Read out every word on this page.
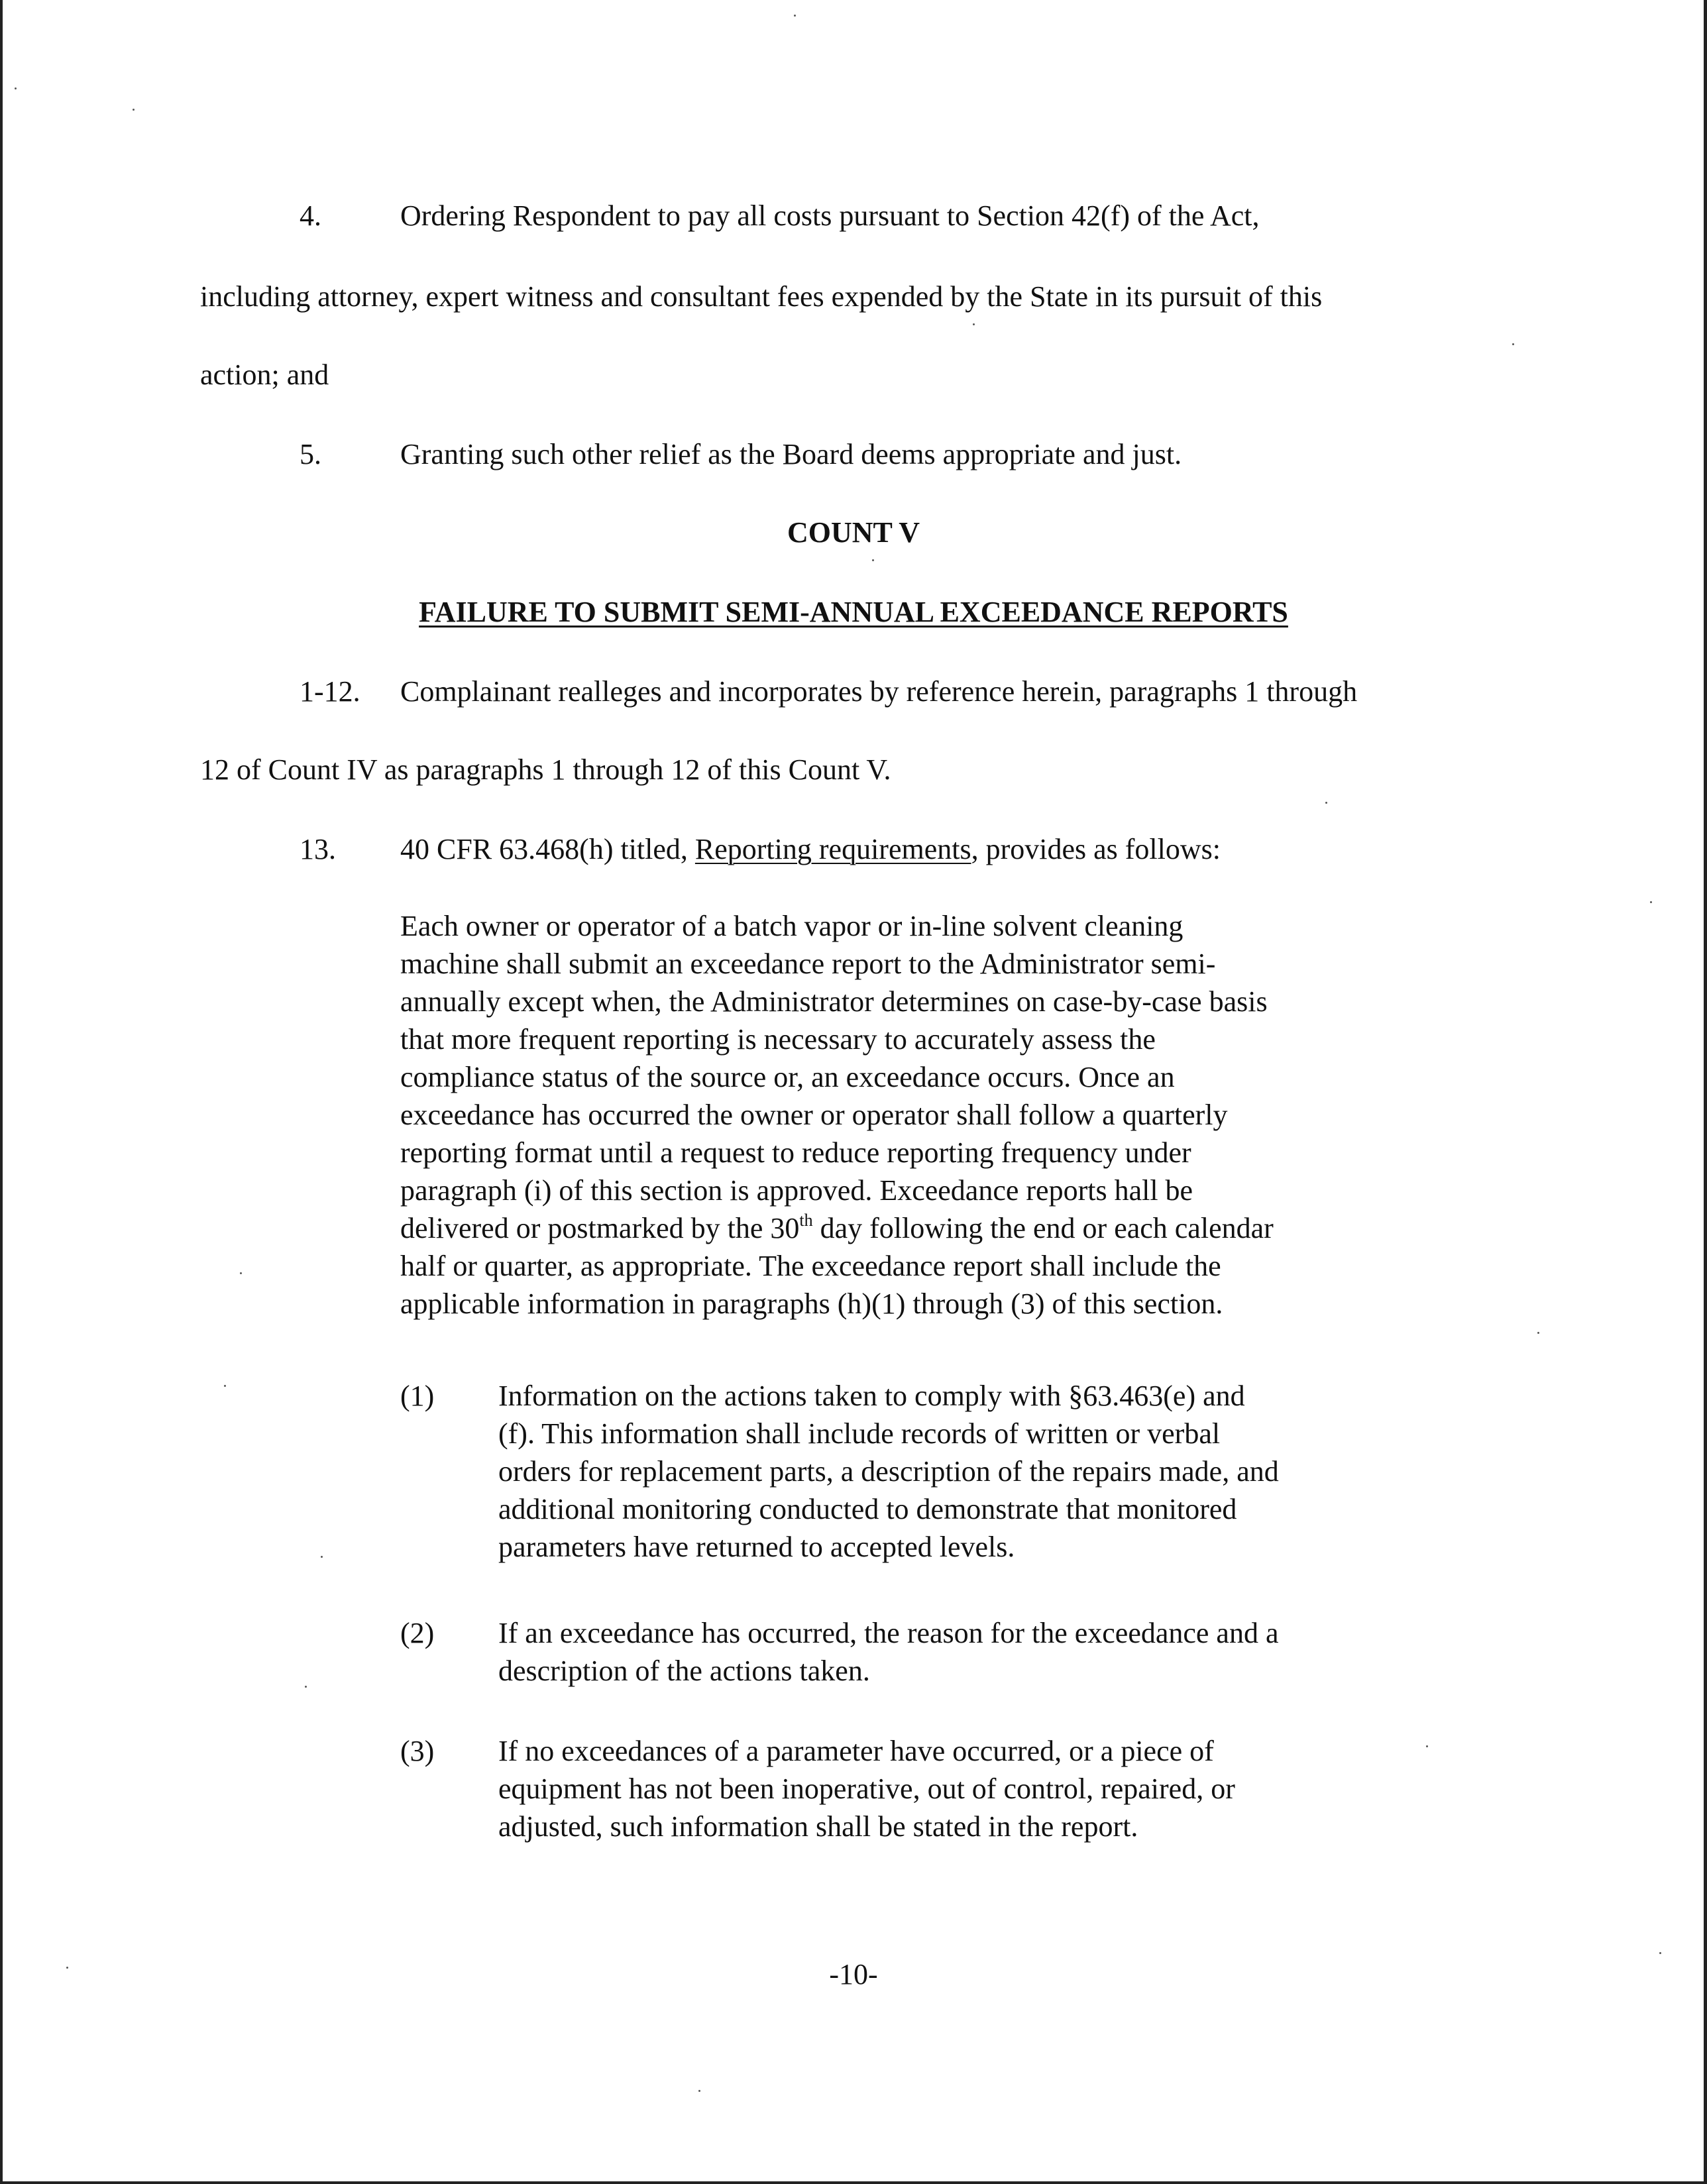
4.	Ordering Respondent to pay all costs pursuant to Section 42(f) of the Act,
including attorney, expert witness and consultant fees expended by the State in its pursuit of this
action; and
5.	Granting such other relief as the Board deems appropriate and just.
COUNT V
FAILURE TO SUBMIT SEMI-ANNUAL EXCEEDANCE REPORTS
1-12. Complainant realleges and incorporates by reference herein, paragraphs 1 through
12 of Count IV as paragraphs 1 through 12 of this Count V.
13. 40 CFR 63.468(h) titled, Reporting requirements, provides as follows:
Each owner or operator of a batch vapor or in-line solvent cleaning
machine shall submit an exceedance report to the Administrator semi-
annually except when, the Administrator determines on case-by-case basis
that more frequent reporting is necessary to accurately assess the
compliance status of the source or, an exceedance occurs. Once an
exceedance has occurred the owner or operator shall follow a quarterly
reporting format until a request to reduce reporting frequency under
paragraph (i) of this section is approved. Exceedance reports hall be
delivered or postmarked by the 30th day following the end or each calendar
half or quarter, as appropriate. The exceedance report shall include the
applicable information in paragraphs (h)(1) through (3) of this section.
(1) Information on the actions taken to comply with §63.463(e) and
(f). This information shall include records of written or verbal
orders for replacement parts, a description of the repairs made, and
additional monitoring conducted to demonstrate that monitored
parameters have returned to accepted levels.
(2) If an exceedance has occurred, the reason for the exceedance and a
description of the actions taken.
(3) If no exceedances of a parameter have occurred, or a piece of
equipment has not been inoperative, out of control, repaired, or
adjusted, such information shall be stated in the report.
-10-
